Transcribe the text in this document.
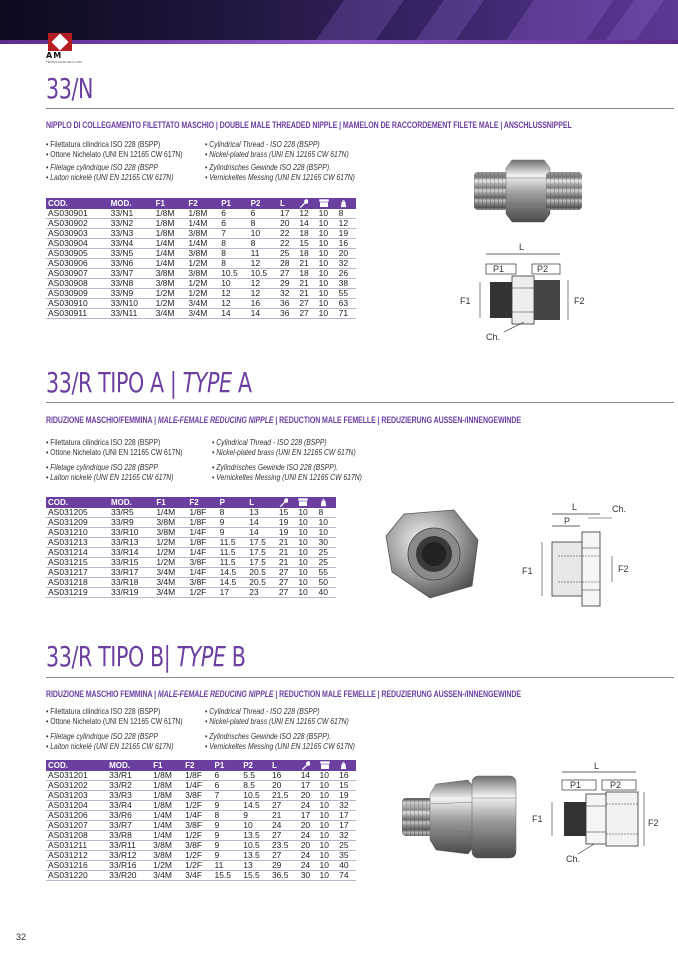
AM
TECNOLOGIE DEI FLUIDI
33/N
NIPPLO DI COLLEGAMENTO FILETTATO MASCHIO | DOUBLE MALE THREADED NIPPLE | MAMELON DE RACCORDEMENT FILETE MALE | ANSCHLUSSNIPPEL
• Filettatura cilindrica ISO 228 (BSPP)
• Ottone Nichelato (UNI EN 12165 CW 617N)
• Filetage cylindrique ISO 228 (BSPP
• Laiton nickelé (UNI EN 12165 CW 617N)
• Cylindrical Thread - ISO 228 (BSPP)
• Nickel-plated brass (UNI EN 12165 CW 617N)
• Zylindrisches Gewinde ISO 228 (BSPP).
• Vernickeltes Messing (UNI EN 12165 CW 617N)
COD.	MOD.	F1	F2	P1	P2	L			
AS030901	33/N1	1/8M	1/8M	6	6	17	12	10	8
AS030902	33/N2	1/8M	1/4M	6	8	20	14	10	12
AS030903	33/N3	1/8M	3/8M	7	10	22	18	10	19
AS030904	33/N4	1/4M	1/4M	8	8	22	15	10	16
AS030905	33/N5	1/4M	3/8M	8	11	25	18	10	20
AS030906	33/N6	1/4M	1/2M	8	12	28	21	10	32
AS030907	33/N7	3/8M	3/8M	10.5	10.5	27	18	10	26
AS030908	33/N8	3/8M	1/2M	10	12	29	21	10	38
AS030909	33/N9	1/2M	1/2M	12	12	32	21	10	55
AS030910	33/N10	1/2M	3/4M	12	16	36	27	10	63
AS030911	33/N11	3/4M	3/4M	14	14	36	27	10	71
L
P1	P2
F1	F2
Ch.
33/R TIPO A | TYPE A
RIDUZIONE MASCHIO/FEMMINA | MALE-FEMALE REDUCING NIPPLE | REDUCTION MALE FEMELLE | REDUZIERUNG AUSSEN-/INNENGEWINDE
• Filettatura cilindrica ISO 228 (BSPP)
• Ottone Nichelato (UNI EN 12165 CW 617N)
• Filetage cylindrique ISO 228 (BSPP
• Laiton nickelé (UNI EN 12165 CW 617N)
• Cylindrical Thread - ISO 228 (BSPP)
• Nickel-plated brass (UNI EN 12165 CW 617N)
• Zylindrisches Gewinde ISO 228 (BSPP).
• Vernickeltes Messing (UNI EN 12165 CW 617N)
COD.	MOD.	F1	F2	P	L			
AS031205	33/R5	1/4M	1/8F	8	13	15	10	8
AS031209	33/R9	3/8M	1/8F	9	14	19	10	10
AS031210	33/R10	3/8M	1/4F	9	14	19	10	10
AS031213	33/R13	1/2M	1/8F	11.5	17.5	21	10	30
AS031214	33/R14	1/2M	1/4F	11.5	17.5	21	10	25
AS031215	33/R15	1/2M	3/8F	11.5	17.5	21	10	25
AS031217	33/R17	3/4M	1/4F	14.5	20.5	27	10	55
AS031218	33/R18	3/4M	3/8F	14.5	20.5	27	10	50
AS031219	33/R19	3/4M	1/2F	17	23	27	10	40
L	Ch.
P
F1	F2
33/R TIPO B| TYPE B
RIDUZIONE MASCHIO FEMMINA | MALE-FEMALE REDUCING NIPPLE | REDUCTION MALE FEMELLE | REDUZIERUNG AUSSEN-/INNENGEWINDE
• Filettatura cilindrica ISO 228 (BSPP)
• Ottone Nichelato (UNI EN 12165 CW 617N)
• Filetage cylindrique ISO 228 (BSPP
• Laiton nickelé (UNI EN 12165 CW 617N)
• Cylindrical Thread - ISO 228 (BSPP)
• Nickel-plated brass (UNI EN 12165 CW 617N)
• Zylindrisches Gewinde ISO 228 (BSPP).
• Vernickeltes Messing (UNI EN 12165 CW 617N)
COD.	MOD.	F1	F2	P1	P2	L			
AS031201	33/R1	1/8M	1/8F	6	5.5	16	14	10	16
AS031202	33/R2	1/8M	1/4F	6	8.5	20	17	10	15
AS031203	33/R3	1/8M	3/8F	7	10.5	21.5	20	10	19
AS031204	33/R4	1/8M	1/2F	9	14.5	27	24	10	32
AS031206	33/R6	1/4M	1/4F	8	9	21	17	10	17
AS031207	33/R7	1/4M	3/8F	9	10	24	20	10	17
AS031208	33/R8	1/4M	1/2F	9	13.5	27	24	10	32
AS031211	33/R11	3/8M	3/8F	9	10.5	23.5	20	10	25
AS031212	33/R12	3/8M	1/2F	9	13.5	27	24	10	35
AS031216	33/R16	1/2M	1/2F	11	13	29	24	10	40
AS031220	33/R20	3/4M	3/4F	15.5	15.5	36.5	30	10	74
L
P1	P2
F1	F2
Ch.
32
